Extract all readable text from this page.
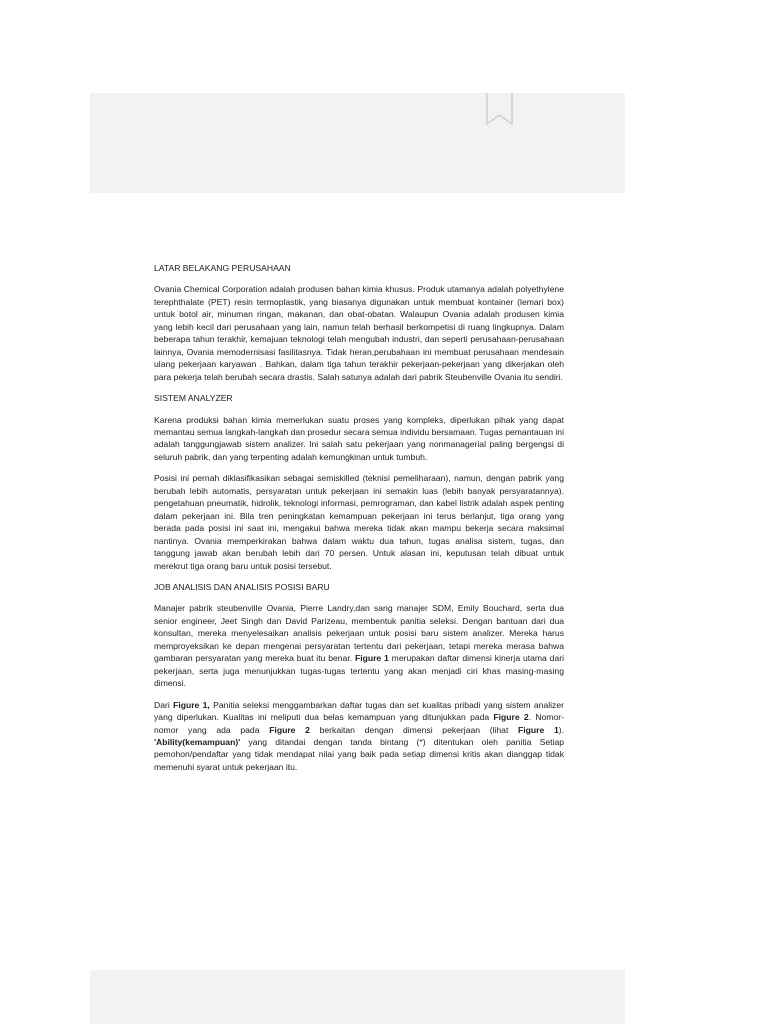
LATAR BELAKANG PERUSAHAAN
Ovania Chemical Corporation adalah produsen bahan kimia khusus. Produk utamanya adalah polyethylene terephthalate (PET) resin termoplastik, yang biasanya digunakan untuk membuat kontainer (lemari box) untuk botol air, minuman ringan, makanan, dan obat-obatan. Walaupun Ovania adalah produsen kimia yang lebih kecil dari perusahaan yang lain, namun telah berhasil berkompetisi di ruang lingkupnya. Dalam beberapa tahun terakhir, kemajuan teknologi telah mengubah industri, dan seperti perusahaan-perusahaan lainnya, Ovania memodernisasi fasilitasnya. Tidak heran,perubahaan ini membuat perusahaan mendesain ulang pekerjaan karyawan . Bahkan, dalam tiga tahun terakhir pekerjaan-pekerjaan yang dikerjakan oleh para pekerja telah berubah secara drastis. Salah satunya adalah dari pabrik Steubenville Ovania itu sendiri.
SISTEM ANALYZER
Karena produksi bahan kimia memerlukan suatu proses yang kompleks, diperlukan pihak yang dapat memantau semua langkah-langkah dan prosedur secara semua individu bersamaan. Tugas pemantauan ini adalah tanggungjawab sistem analizer. Ini salah satu pekerjaan yang nonmanagerial paling bergengsi di seluruh pabrik, dan yang terpenting adalah kemungkinan untuk tumbuh.
Posisi ini pernah diklasifikasikan sebagai semiskilled (teknisi pemeliharaan), namun, dengan pabrik yang berubah lebih automatis, persyaratan untuk pekerjaan ini semakin luas (lebih banyak persyaratannya). pengetahuan pneumatik, hidrolik, teknologi informasi, pemrograman, dan kabel listrik adalah aspek penting dalam pekerjaan ini. Bila tren peningkatan kemampuan pekerjaan ini terus berlanjut, tiga orang yang berada pada posisi ini saat ini, mengakui bahwa mereka tidak akan mampu bekerja secara maksimal nantinya. Ovania memperkirakan bahwa dalam waktu dua tahun, tugas analisa sistem, tugas, dan tanggung jawab akan berubah lebih dari 70 persen. Untuk alasan ini, keputusan telah dibuat untuk merekrut tiga orang baru untuk posisi tersebut.
JOB ANALISIS DAN ANALISIS POSISI BARU
Manajer pabrik steubenville Ovania, Pierre Landry,dan sang manajer SDM, Emily Bouchard, serta dua senior engineer, Jeet Singh dan David Parizeau, membentuk panitia seleksi. Dengan bantuan dari dua konsultan, mereka menyelesaikan analisis pekerjaan untuk posisi baru sistem analizer. Mereka harus memproyeksikan ke depan mengenai persyaratan tertentu dari pekerjaan, tetapi mereka merasa bahwa gambaran persyaratan yang mereka buat itu benar. Figure 1 merupakan daftar dimensi kinerja utama dari pekerjaan, serta juga menunjukkan tugas-tugas tertentu yang akan menjadi ciri khas masing-masing dimensi.
Dari Figure 1, Panitia seleksi menggambarkan daftar tugas dan set kualitas pribadi yang sistem analizer yang diperlukan. Kualitas ini meliputi dua belas kemampuan yang ditunjukkan pada Figure 2. Nomor-nomor yang ada pada Figure 2 berkaitan dengan dimensi pekerjaan (lihat Figure 1). 'Ability(kemampuan)' yang ditandai dengan tanda bintang (*) ditentukan oleh panitia Setiap pemohon/pendaftar yang tidak mendapat nilai yang baik pada setiap dimensi kritis akan dianggap tidak memenuhi syarat untuk pekerjaan itu.
